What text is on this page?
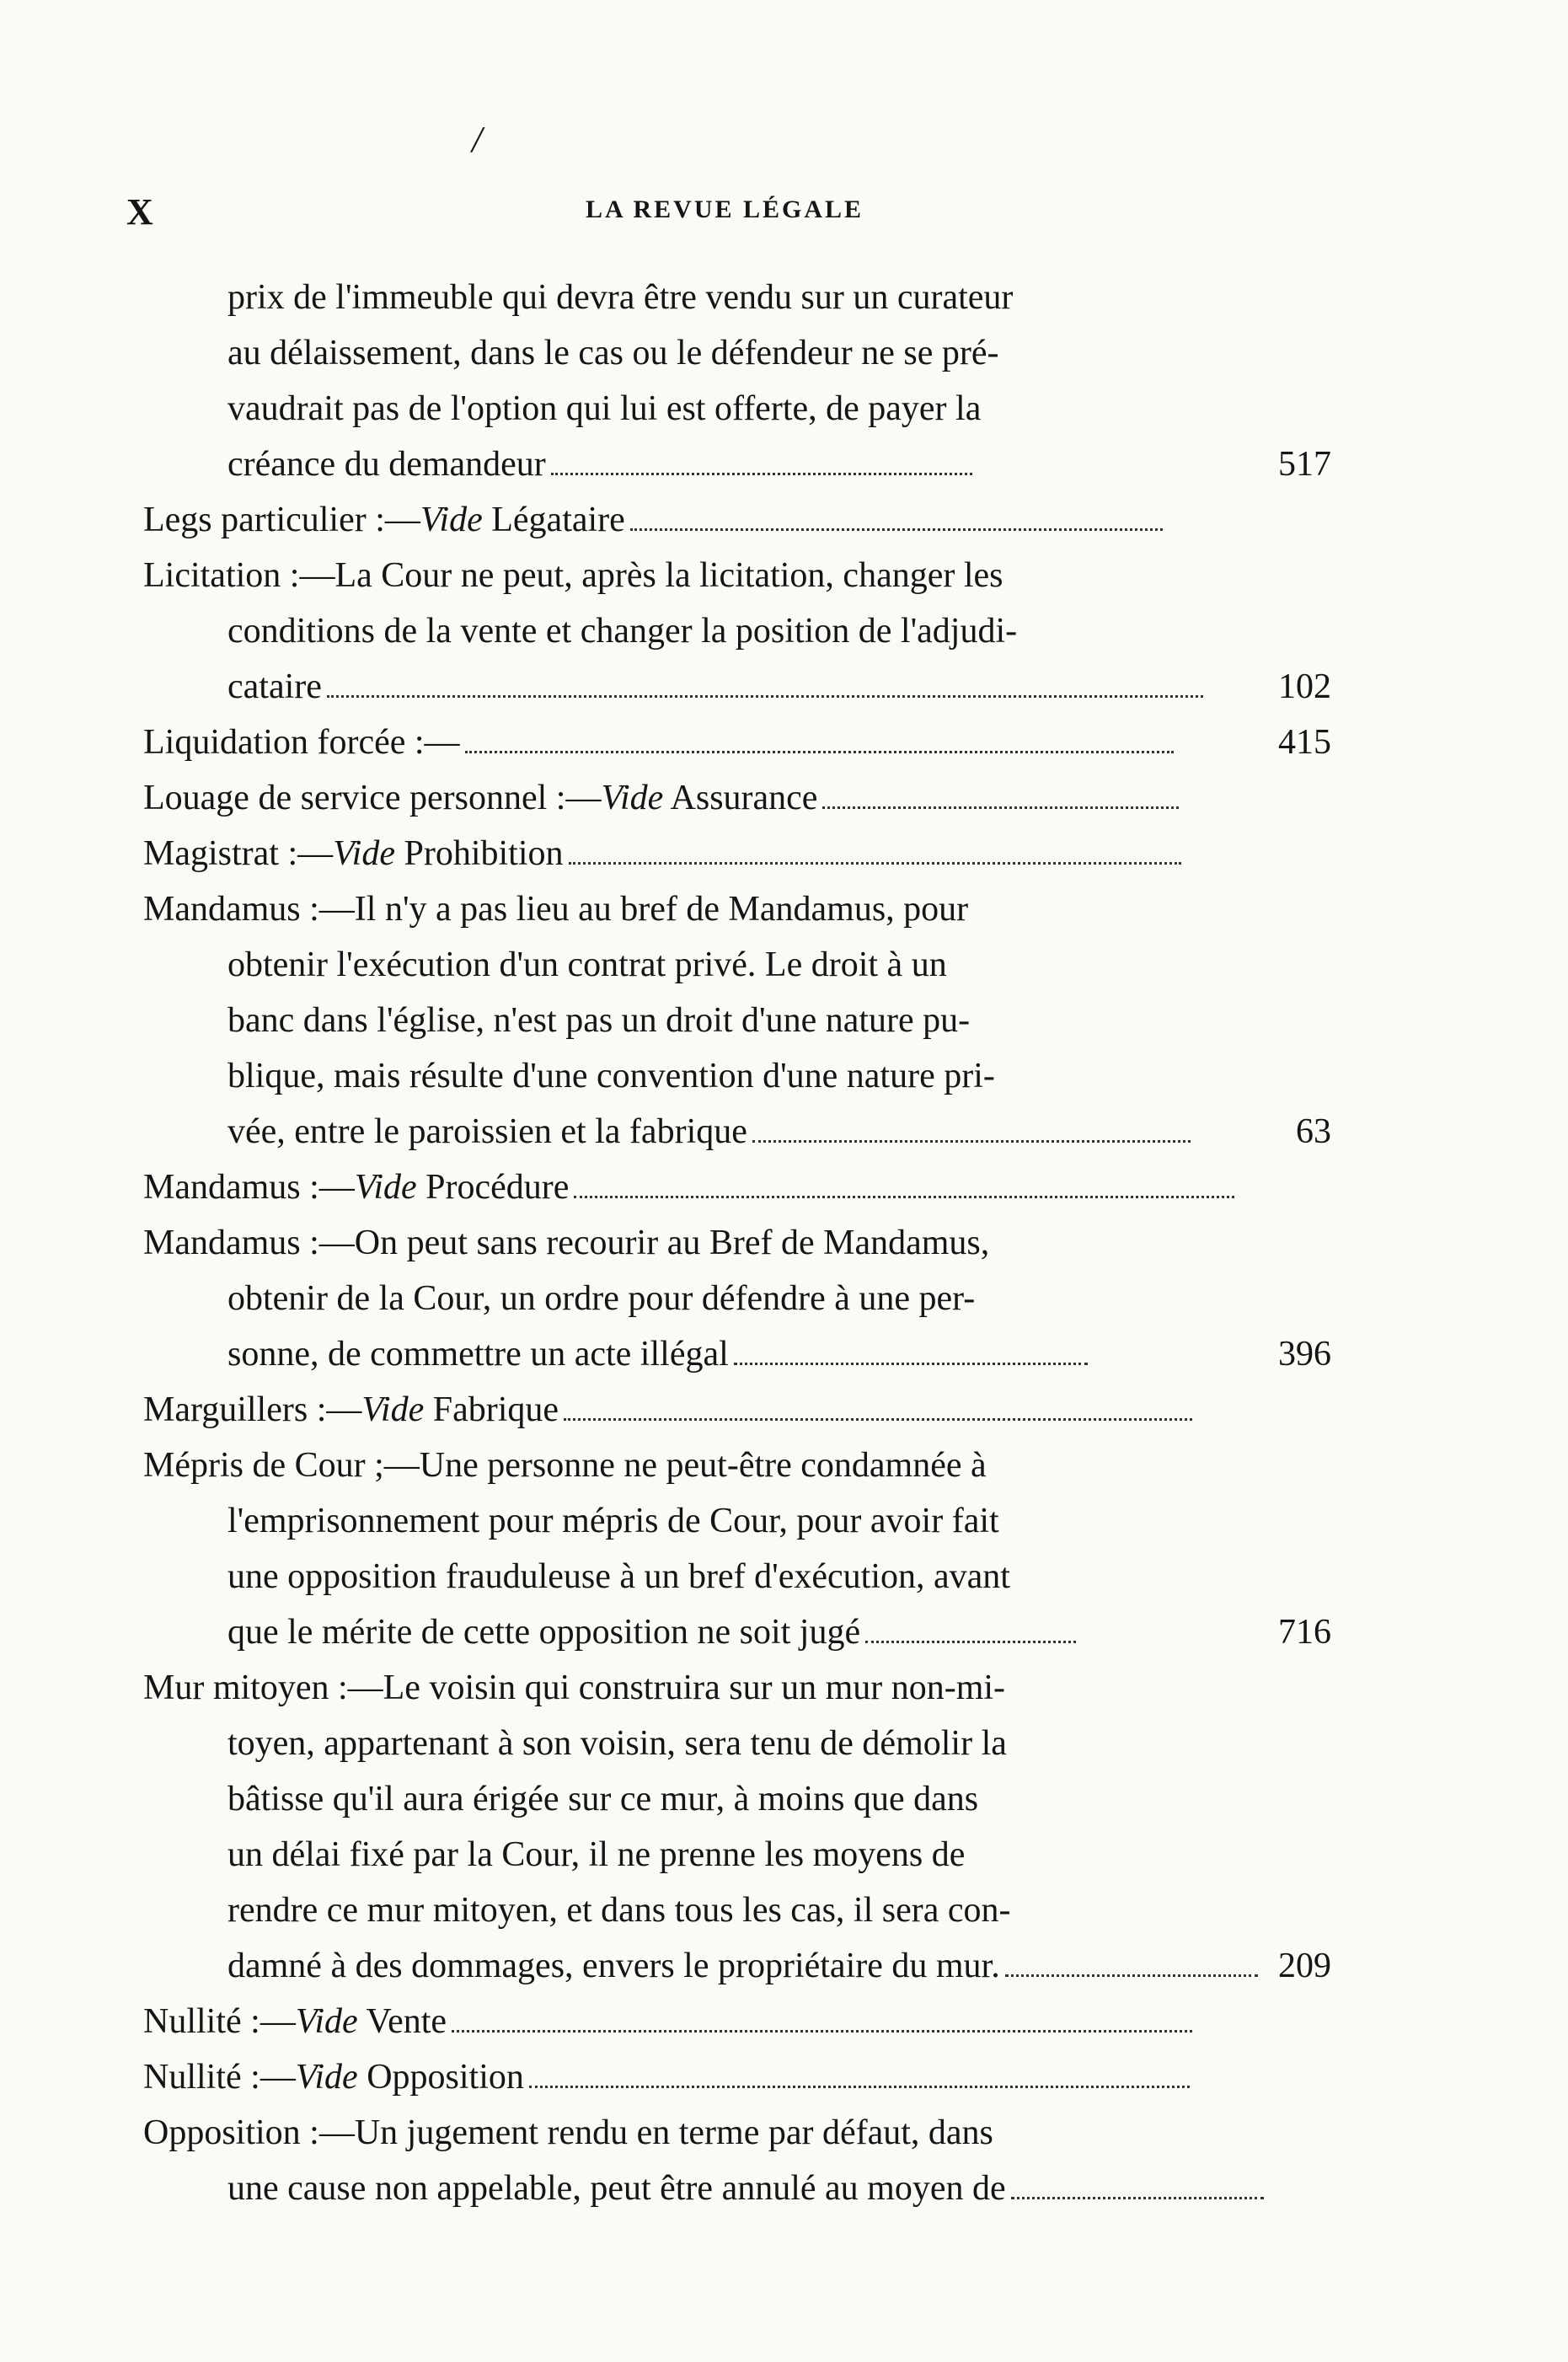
/
X	LA REVUE LÉGALE
prix de l'immeuble qui devra être vendu sur un curateur
au délaissement, dans le cas ou le défendeur ne se pré-
vaudrait pas de l'option qui lui est offerte, de payer la
créance du demandeur	517
Legs particulier :—Vide Légataire
Licitation :—La Cour ne peut, après la licitation, changer les
conditions de la vente et changer la position de l'adjudi-
cataire	102
Liquidation forcée :—	415
Louage de service personnel :—Vide Assurance
Magistrat :—Vide Prohibition
Mandamus :—Il n'y a pas lieu au bref de Mandamus, pour
obtenir l'exécution d'un contrat privé. Le droit à un
banc dans l'église, n'est pas un droit d'une nature pu-
blique, mais résulte d'une convention d'une nature pri-
vée, entre le paroissien et la fabrique	63
Mandamus :—Vide Procédure
Mandamus :—On peut sans recourir au Bref de Mandamus,
obtenir de la Cour, un ordre pour défendre à une per-
sonne, de commettre un acte illégal	396
Marguillers :—Vide Fabrique
Mépris de Cour ;—Une personne ne peut-être condamnée à
l'emprisonnement pour mépris de Cour, pour avoir fait
une opposition frauduleuse à un bref d'exécution, avant
que le mérite de cette opposition ne soit jugé	716
Mur mitoyen :—Le voisin qui construira sur un mur non-mi-
toyen, appartenant à son voisin, sera tenu de démolir la
bâtisse qu'il aura érigée sur ce mur, à moins que dans
un délai fixé par la Cour, il ne prenne les moyens de
rendre ce mur mitoyen, et dans tous les cas, il sera con-
damné à des dommages, envers le propriétaire du mur.	209
Nullité :—Vide Vente
Nullité :—Vide Opposition
Opposition :—Un jugement rendu en terme par défaut, dans
une cause non appelable, peut être annulé au moyen de
